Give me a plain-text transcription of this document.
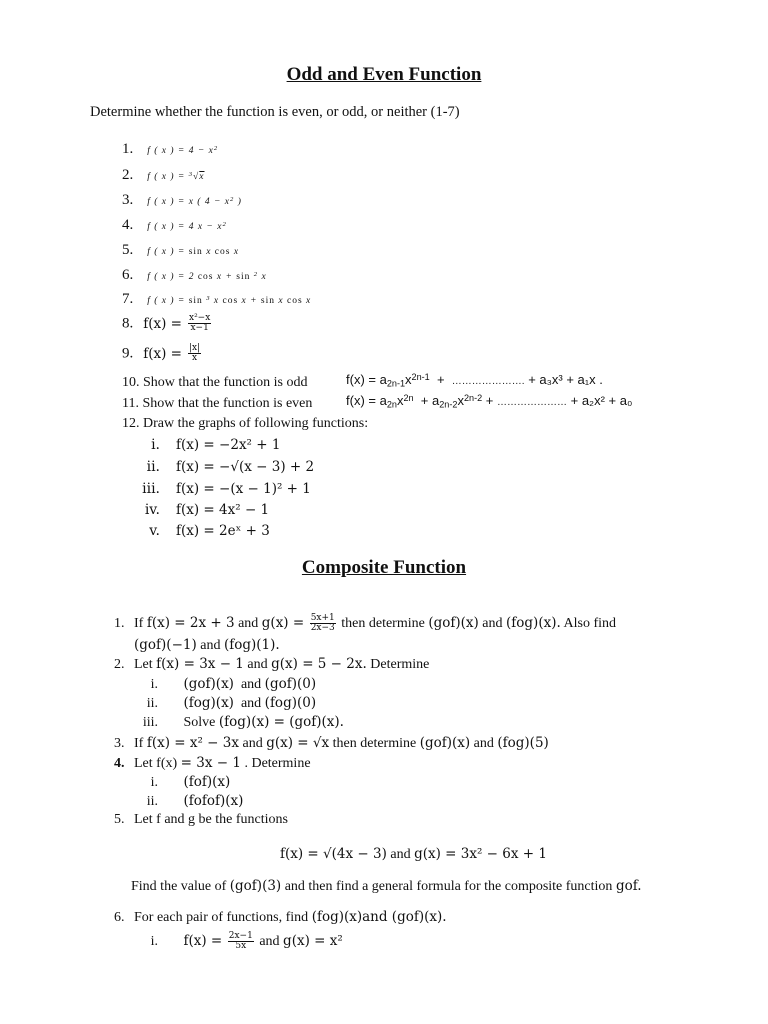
Odd and Even Function
Determine whether the function is even, or odd, or neither (1-7)
1. f ( x ) = $4 - x^2$
2. f ( x ) = $^3$√x
3. f ( x ) = x ( $4 - x^2$ )
4. f ( x ) = 4 $x - x^2$
5. f ( x ) = sin x cos x
6. f ( x ) = 2 cos x + sin $^2$ x
7. f ( x ) = sin $^3$ x cos x + sin x cos x
8. $f(x) = \frac{\text{x²−x}}{x-1}$
9. $f(x) = \frac{|x|}{x}$
10. Show that the function is odd	$f(x) = a_{2n-1}x^{2n-1}$  +  …………………. + a₃x³ + a₁x .
11. Show that the function is even	$f(x) = a_{2n}x^{2n} + a_{2n-2}x^{2n-2}$ + ………………… + a₂x² + a₀
12. Draw the graphs of following functions:
i. f(x) = −2x² + 1
ii. f(x) = −√(x − 3) + 2
iii. f(x) = −(x − 1)² + 1
iv. f(x) = 4x² − 1
v. f(x) = 2eˣ + 3
Composite Function
1. If f(x) = 2x + 3 and $g(x) = \frac{5x+1}{2x-3}$ then determine (gof)(x) and (fog)(x). Also find
(gof)(−1) and (fog)(1).
2. Let f(x) = 3x − 1 and g(x) = 5 − 2x. Determine
i. (gof)(x) and (gof)(0)
ii. (fog)(x) and (fog)(0)
iii. Solve (fog)(x) = (gof)(x).
3. If f(x) = x² − 3x and g(x) = √x then determine (gof)(x) and (fog)(5)
4. Let f(x) = 3x − 1 . Determine
i. (fof)(x)
ii. (fofof)(x)
5. Let f and g be the functions
f(x) = √(4x − 3) and g(x) = 3x² − 6x + 1
Find the value of (gof)(3) and then find a general formula for the composite function gof.
6. For each pair of functions, find (fog)(x)and (gof)(x).
i. $f(x) = \frac{2x-1}{5x}$ and g(x) = x²
